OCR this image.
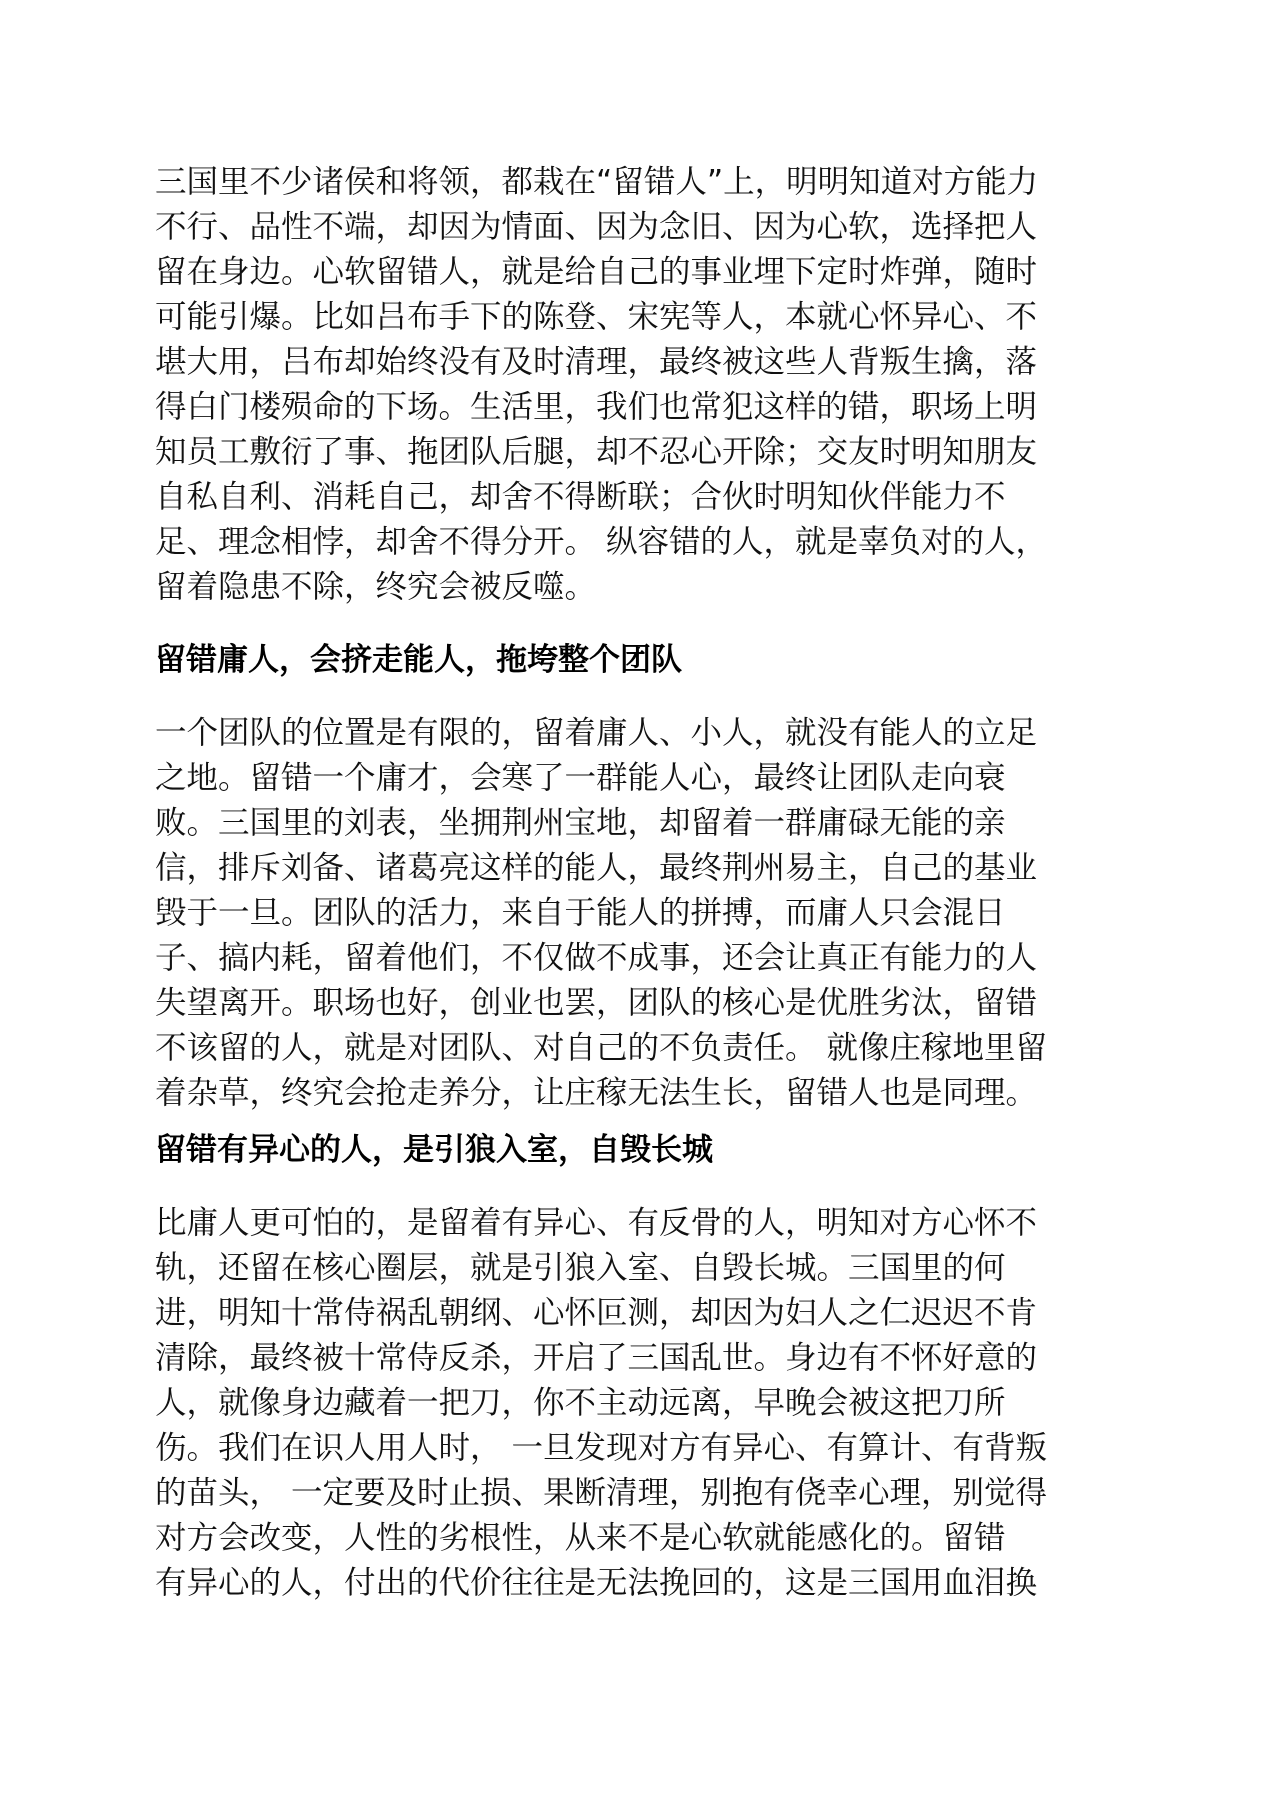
三国里不少诸侯和将领，都栽在“留错人”上，明明知道对方能力
不行、品性不端，却因为情面、因为念旧、因为心软，选择把人
留在身边。心软留错人，就是给自己的事业埋下定时炸弹，随时
可能引爆。比如吕布手下的陈登、宋宪等人，本就心怀异心、不
堪大用，吕布却始终没有及时清理，最终被这些人背叛生擒，落
得白门楼殒命的下场。生活里，我们也常犯这样的错，职场上明
知员工敷衍了事、拖团队后腿，却不忍心开除；交友时明知朋友
自私自利、消耗自己，却舍不得断联；合伙时明知伙伴能力不
足、理念相悖，却舍不得分开。 纵容错的人，就是辜负对的人，
留着隐患不除，终究会被反噬。
留错庸人，会挤走能人，拖垮整个团队
一个团队的位置是有限的，留着庸人、小人，就没有能人的立足
之地。留错一个庸才，会寒了一群能人心，最终让团队走向衰
败。三国里的刘表，坐拥荆州宝地，却留着一群庸碌无能的亲
信，排斥刘备、诸葛亮这样的能人，最终荆州易主，自己的基业
毁于一旦。团队的活力，来自于能人的拼搏，而庸人只会混日
子、搞内耗，留着他们，不仅做不成事，还会让真正有能力的人
失望离开。职场也好，创业也罢，团队的核心是优胜劣汰，留错
不该留的人，就是对团队、对自己的不负责任。 就像庄稼地里留
着杂草，终究会抢走养分，让庄稼无法生长，留错人也是同理。
留错有异心的人，是引狼入室，自毁长城
比庸人更可怕的，是留着有异心、有反骨的人，明知对方心怀不
轨，还留在核心圈层，就是引狼入室、自毁长城。三国里的何
进，明知十常侍祸乱朝纲、心怀叵测，却因为妇人之仁迟迟不肯
清除，最终被十常侍反杀，开启了三国乱世。身边有不怀好意的
人，就像身边藏着一把刀，你不主动远离，早晚会被这把刀所
伤。我们在识人用人时， 一旦发现对方有异心、有算计、有背叛
的苗头， 一定要及时止损、果断清理，别抱有侥幸心理，别觉得
对方会改变，人性的劣根性，从来不是心软就能感化的。留错
有异心的人，付出的代价往往是无法挽回的，这是三国用血泪换
